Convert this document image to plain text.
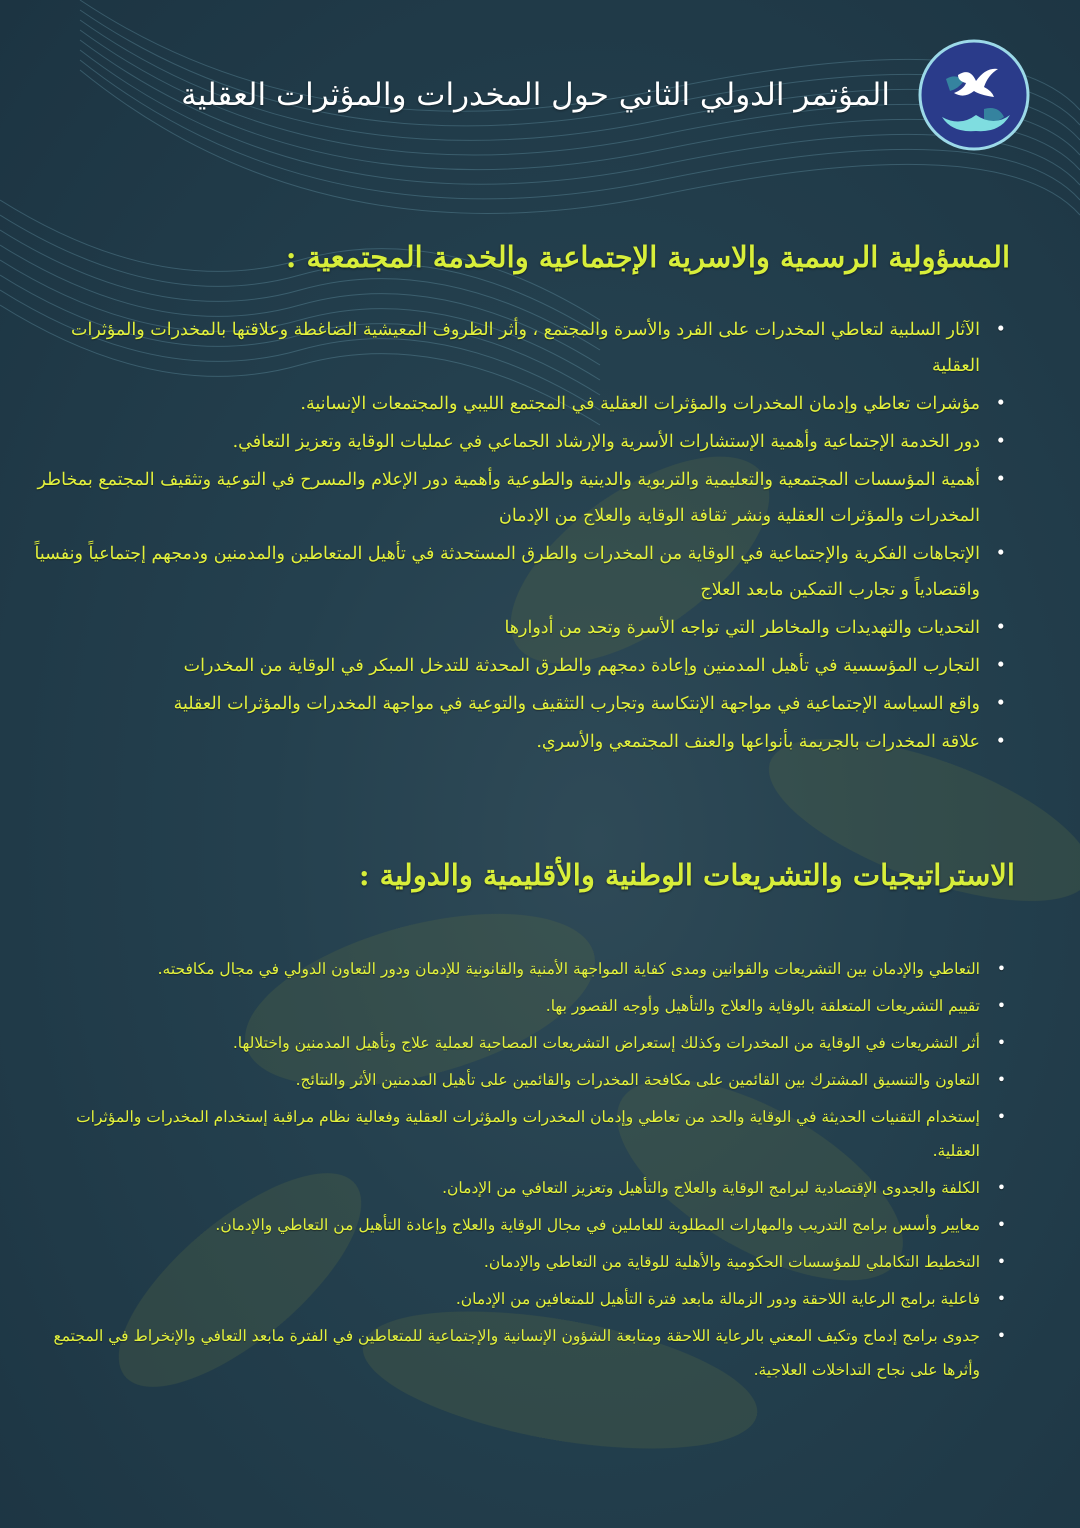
المؤتمر الدولي الثاني حول المخدرات والمؤثرات العقلية
المسؤولية الرسمية والاسرية الإجتماعية والخدمة المجتمعية :
• الآثار السلبية لتعاطي المخدرات على الفرد والأسرة والمجتمع ، وأثر الظروف المعيشية الضاغطة وعلاقتها بالمخدرات والمؤثرات العقلية
• مؤشرات تعاطي وإدمان المخدرات والمؤثرات العقلية في المجتمع الليبي والمجتمعات الإنسانية.
• دور الخدمة الإجتماعية وأهمية الإستشارات الأسرية والإرشاد الجماعي في عمليات الوقاية وتعزيز التعافي.
• أهمية المؤسسات المجتمعية والتعليمية والتربوية والدينية والطوعية وأهمية دور الإعلام والمسرح في التوعية وتثقيف المجتمع بمخاطر المخدرات والمؤثرات العقلية ونشر ثقافة الوقاية والعلاج من الإدمان
• الإتجاهات الفكرية والإجتماعية في الوقاية من المخدرات والطرق المستحدثة في تأهيل المتعاطين والمدمنين ودمجهم إجتماعياً ونفسياً واقتصادياً و تجارب التمكين مابعد العلاج
• التحديات والتهديدات والمخاطر التي تواجه الأسرة وتحد من أدوارها
• التجارب المؤسسية في تأهيل المدمنين وإعادة دمجهم والطرق المحدثة للتدخل المبكر في الوقاية من المخدرات
• واقع السياسة الإجتماعية في مواجهة الإنتكاسة وتجارب التثقيف والتوعية في مواجهة المخدرات والمؤثرات العقلية
• علاقة المخدرات بالجريمة بأنواعها والعنف المجتمعي والأسري.
الاستراتيجيات والتشريعات الوطنية والأقليمية والدولية :
• التعاطي والإدمان بين التشريعات والقوانين ومدى كفاية المواجهة الأمنية والقانونية للإدمان ودور التعاون الدولي في مجال مكافحته.
• تقييم التشريعات المتعلقة بالوقاية والعلاج والتأهيل وأوجه القصور بها.
• أثر التشريعات في الوقاية من المخدرات وكذلك إستعراض التشريعات المصاحبة لعملية علاج وتأهيل المدمنين واختلالها.
• التعاون والتنسيق المشترك بين القائمين على مكافحة المخدرات والقائمين على تأهيل المدمنين الأثر والنتائج.
• إستخدام التقنيات الحديثة في الوقاية والحد من تعاطي وإدمان المخدرات والمؤثرات العقلية وفعالية نظام مراقبة إستخدام المخدرات والمؤثرات العقلية.
• الكلفة والجدوى الإقتصادية لبرامج الوقاية والعلاج والتأهيل وتعزيز التعافي من الإدمان.
• معايير وأسس برامج التدريب والمهارات المطلوبة للعاملين في مجال الوقاية والعلاج وإعادة التأهيل من التعاطي والإدمان.
• التخطيط التكاملي للمؤسسات الحكومية والأهلية للوقاية من التعاطي والإدمان.
• فاعلية برامج الرعاية اللاحقة ودور الزمالة مابعد فترة التأهيل للمتعافين من الإدمان.
• جدوى برامج إدماج وتكيف المعني بالرعاية اللاحقة ومتابعة الشؤون الإنسانية والإجتماعية للمتعاطين في الفترة مابعد التعافي والإنخراط في المجتمع وأثرها على نجاح التداخلات العلاجية.
